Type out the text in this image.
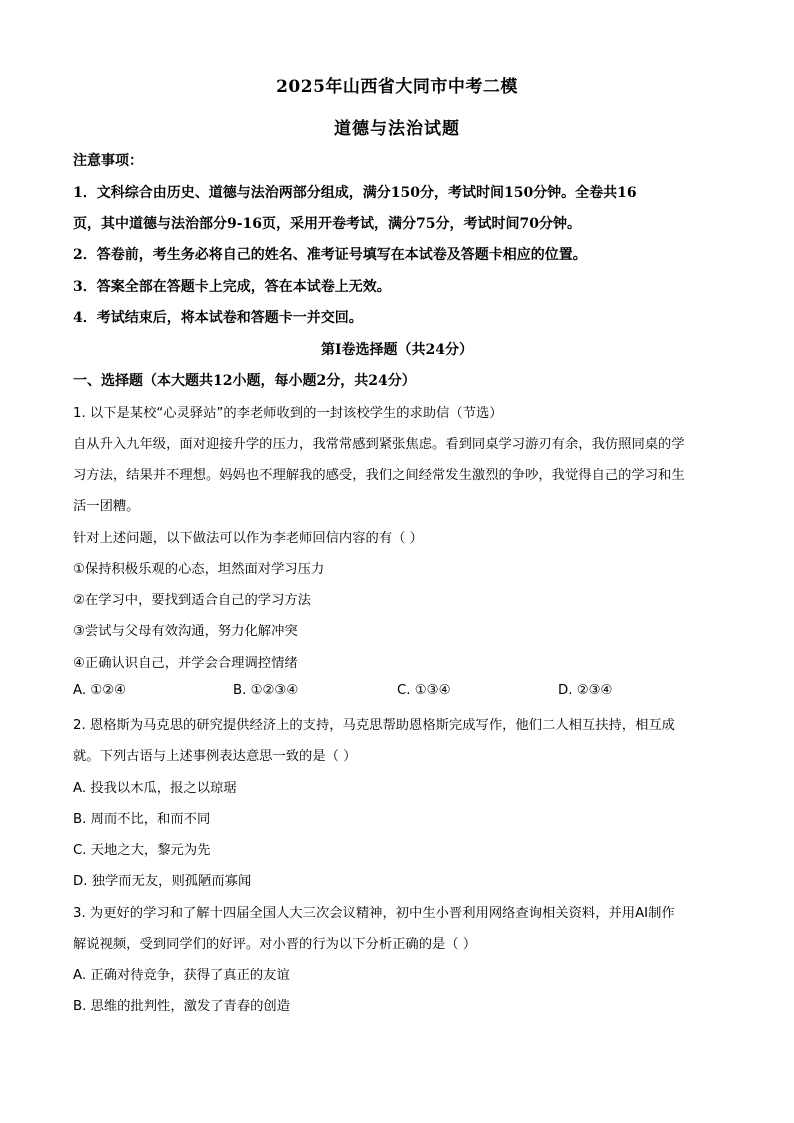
2025年山西省大同市中考二模
道德与法治试题
注意事项：
1．文科综合由历史、道德与法治两部分组成，满分150分，考试时间150分钟。全卷共16
页，其中道德与法治部分9-16页，采用开卷考试，满分75分，考试时间70分钟。
2．答卷前，考生务必将自己的姓名、准考证号填写在本试卷及答题卡相应的位置。
3．答案全部在答题卡上完成，答在本试卷上无效。
4．考试结束后，将本试卷和答题卡一并交回。
第Ⅰ卷选择题（共24分）
一、选择题（本大题共12小题，每小题2分，共24分）
1. 以下是某校“心灵驿站”的李老师收到的一封该校学生的求助信（节选）
自从升入九年级，面对迎接升学的压力，我常常感到紧张焦虑。看到同桌学习游刃有余，我仿照同桌的学
习方法，结果并不理想。妈妈也不理解我的感受，我们之间经常发生激烈的争吵，我觉得自己的学习和生
活一团糟。
针对上述问题，以下做法可以作为李老师回信内容的有（ ）
①保持积极乐观的心态，坦然面对学习压力
②在学习中，要找到适合自己的学习方法
③尝试与父母有效沟通，努力化解冲突
④正确认识自己，并学会合理调控情绪
A. ①②④	B. ①②③④	C. ①③④	D. ②③④
2. 恩格斯为马克思的研究提供经济上的支持，马克思帮助恩格斯完成写作，他们二人相互扶持，相互成
就。下列古语与上述事例表达意思一致的是（ ）
A. 投我以木瓜，报之以琼琚
B. 周而不比，和而不同
C. 天地之大，黎元为先
D. 独学而无友，则孤陋而寡闻
3. 为更好的学习和了解十四届全国人大三次会议精神，初中生小晋利用网络查询相关资料，并用AI制作
解说视频，受到同学们的好评。对小晋的行为以下分析正确的是（ ）
A. 正确对待竞争，获得了真正的友谊
B. 思维的批判性，激发了青春的创造
